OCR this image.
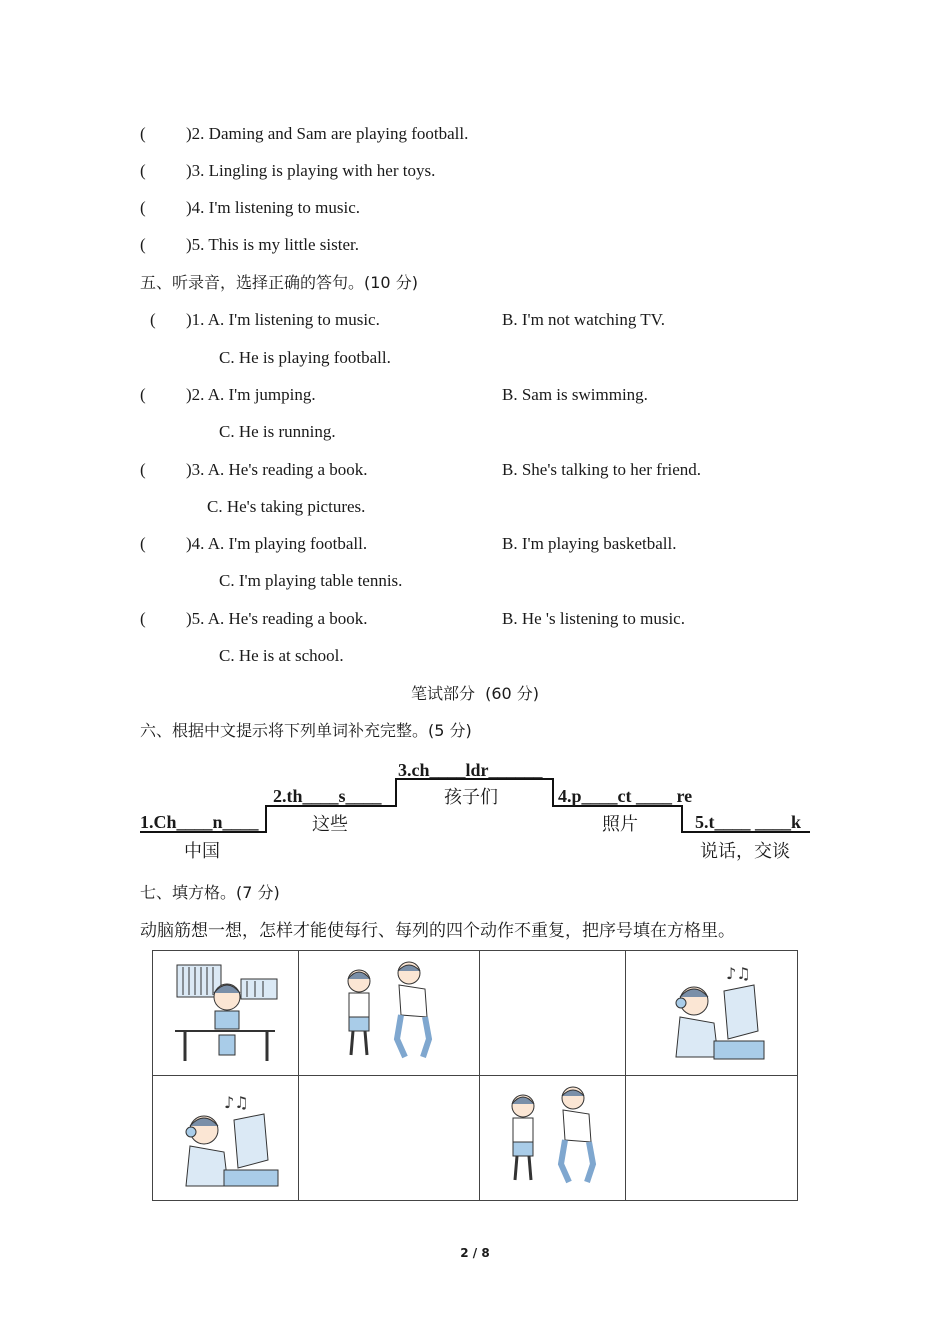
( )2. Daming and Sam are playing football.
( )3. Lingling is playing with her toys.
( )4. I'm listening to music.
( )5. This is my little sister.
五、听录音，选择正确的答句。(10 分)
( )1. A. I'm listening to music.	B. I'm not watching TV.
C. He is playing football.
( )2. A. I'm jumping.	B. Sam is swimming.
C. He is running.
( )3. A. He's reading a book.	B. She's talking to her friend.
C. He's taking pictures.
( )4. A. I'm playing football.	B. I'm playing basketball.
C. I'm playing table tennis.
( )5. A. He's reading a book.	B. He 's listening to music.
C. He is at school.
笔试部分  (60 分)
六、根据中文提示将下列单词补充完整。(5 分)
1.Ch____n____
中国
2.th____s____
这些
3.ch____ldr______
孩子们	4.p____ct ____ re
照片	5.t____ ____k
说话，交谈
七、填方格。(7 分)
动脑筋想一想，怎样才能使每行、每列的四个动作不重复，把序号填在方格里。

♪♫

♪♫

2 / 8
